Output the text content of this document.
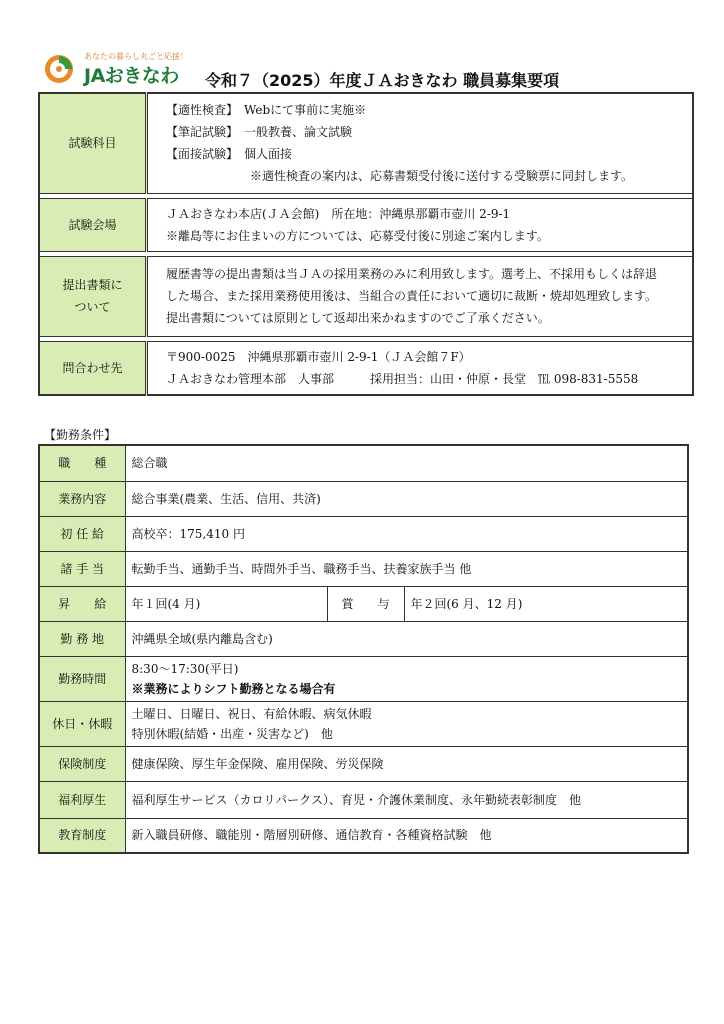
あなたの暮らし丸ごと応援！
JAおきなわ 令和７（2025）年度ＪＡおきなわ 職員募集要項
試験科目	【適性検査】　Webにて事前に実施※
【筆記試験】　一般教養、論文試験
【面接試験】　個人面接
　　　　　　　※適性検査の案内は、応募書類受付後に送付する受験票に同封します。

試験会場	ＪＡおきなわ本店(ＪＡ会館)　所在地：沖縄県那覇市壺川 2-9-1
※離島等にお住まいの方については、応募受付後に別途ご案内します。

提出書類に
ついて	履歴書等の提出書類は当ＪＡの採用業務のみに利用致します。選考上、不採用もしくは辞退
した場合、また採用業務使用後は、当組合の責任において適切に裁断・焼却処理致します。
提出書類については原則として返却出来かねますのでご了承ください。

問合わせ先	〒900-0025　沖縄県那覇市壺川 2-9-1（ＪＡ会館７F）
ＪＡおきなわ管理本部　人事部　　　採用担当：山田・仲原・長堂　℡ 098-831-5558
【勤務条件】
職　　種	総合職		
業務内容	総合事業(農業、生活、信用、共済)		
初 任 給	高校卒：175,410 円		
諸 手 当	転勤手当、通勤手当、時間外手当、職務手当、扶養家族手当 他		
昇　　給	年１回(4 月)	賞　　与	年２回(6 月、12 月)
勤 務 地	沖縄県全域(県内離島含む)		
勤務時間	8:30～17:30(平日)
※業務によりシフト勤務となる場合有		

休日・休暇	土曜日、日曜日、祝日、有給休暇、病気休暇
特別休暇(結婚・出産・災害など)　他		

保険制度	健康保険、厚生年金保険、雇用保険、労災保険		
福利厚生	福利厚生サービス（カロリパークス）、育児・介護休業制度、永年勤続表彰制度　他		
教育制度	新入職員研修、職能別・階層別研修、通信教育・各種資格試験　他		
